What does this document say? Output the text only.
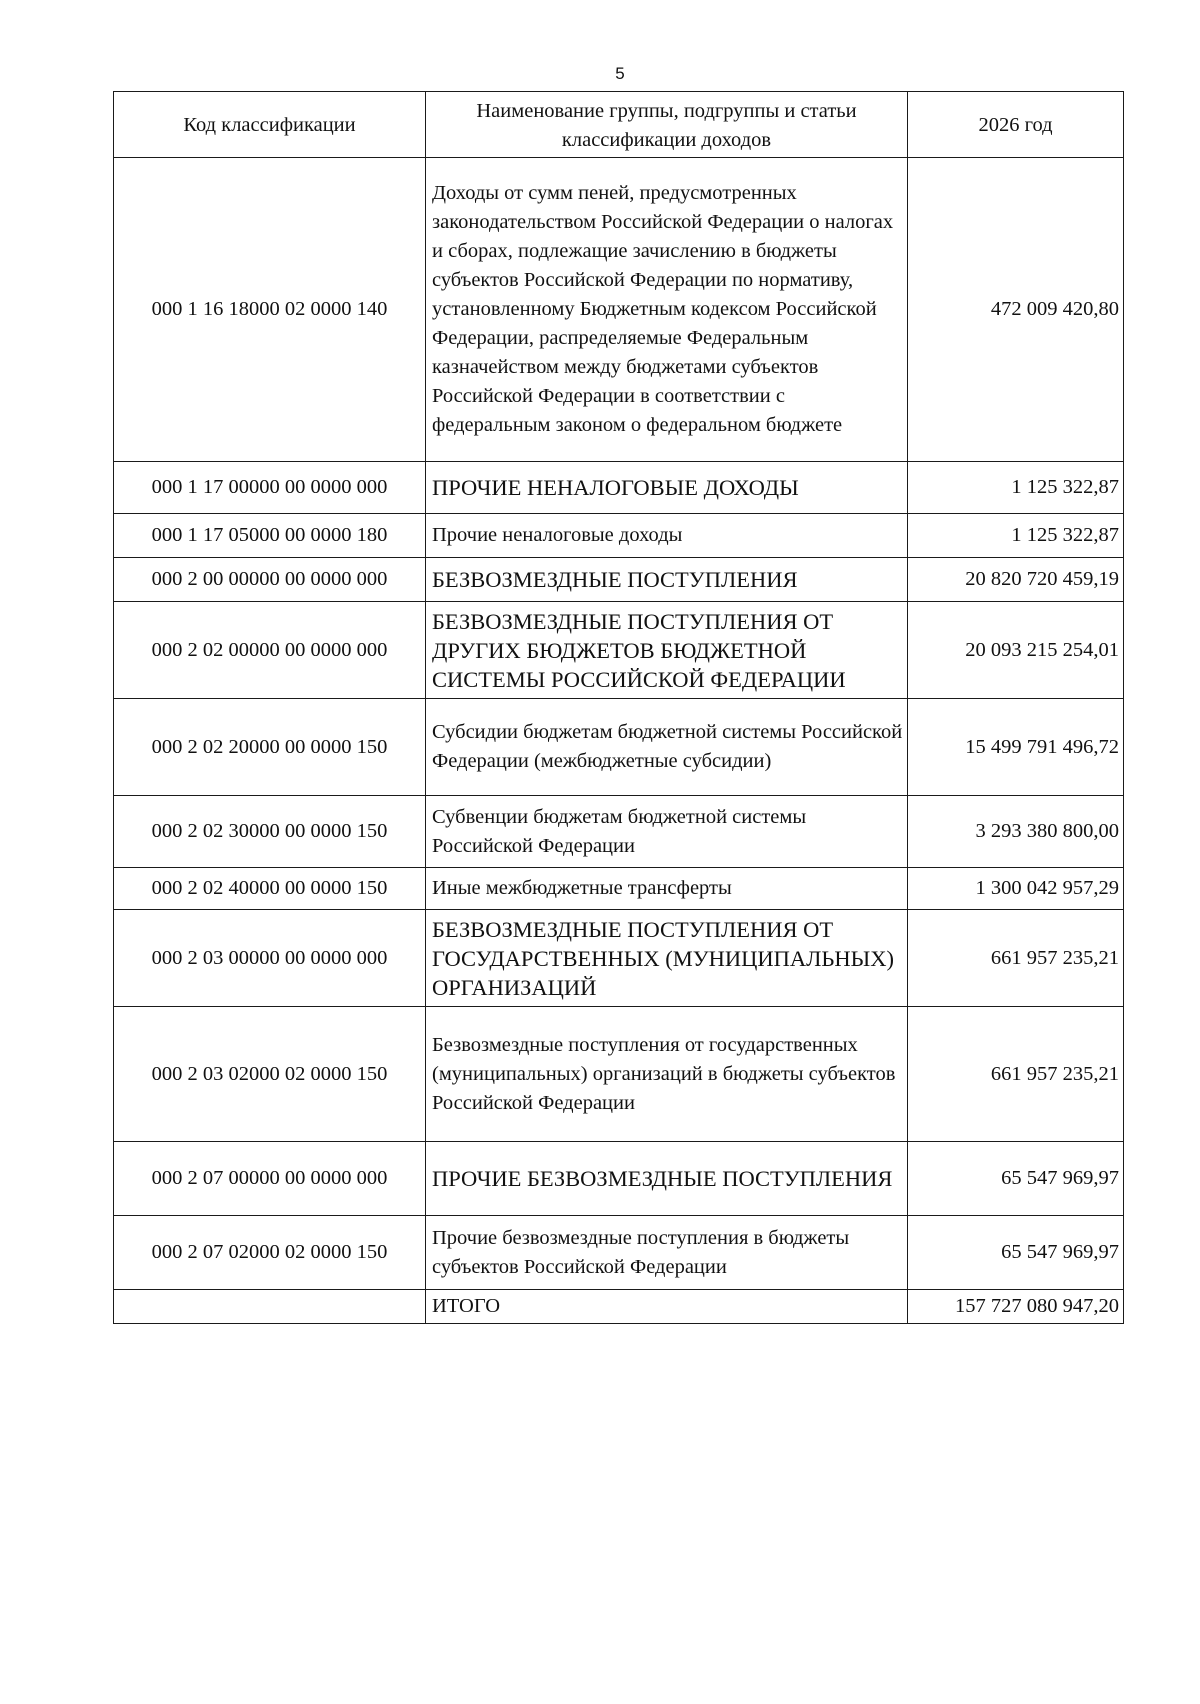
5
Код классификации	Наименование группы, подгруппы и статьи классификации доходов	2026 год
000 1 16 18000 02 0000 140	Доходы от сумм пеней, предусмотренных законодательством Российской Федерации о налогах и сборах, подлежащие зачислению в бюджеты субъектов Российской Федерации по нормативу, установленному Бюджетным кодексом Российской Федерации, распределяемые Федеральным казначейством между бюджетами субъектов Российской Федерации в соответствии с федеральным законом о федеральном бюджете	472 009 420,80
000 1 17 00000 00 0000 000	ПРОЧИЕ НЕНАЛОГОВЫЕ ДОХОДЫ	1 125 322,87
000 1 17 05000 00 0000 180	Прочие неналоговые доходы	1 125 322,87
000 2 00 00000 00 0000 000	БЕЗВОЗМЕЗДНЫЕ ПОСТУПЛЕНИЯ	20 820 720 459,19
000 2 02 00000 00 0000 000	БЕЗВОЗМЕЗДНЫЕ ПОСТУПЛЕНИЯ ОТ ДРУГИХ БЮДЖЕТОВ БЮДЖЕТНОЙ СИСТЕМЫ РОССИЙСКОЙ ФЕДЕРАЦИИ	20 093 215 254,01
000 2 02 20000 00 0000 150	Субсидии бюджетам бюджетной системы Российской Федерации (межбюджетные субсидии)	15 499 791 496,72
000 2 02 30000 00 0000 150	Субвенции бюджетам бюджетной системы Российской Федерации	3 293 380 800,00
000 2 02 40000 00 0000 150	Иные межбюджетные трансферты	1 300 042 957,29
000 2 03 00000 00 0000 000	БЕЗВОЗМЕЗДНЫЕ ПОСТУПЛЕНИЯ ОТ ГОСУДАРСТВЕННЫХ (МУНИЦИПАЛЬНЫХ) ОРГАНИЗАЦИЙ	661 957 235,21
000 2 03 02000 02 0000 150	Безвозмездные поступления от государственных (муниципальных) организаций в бюджеты субъектов Российской Федерации	661 957 235,21
000 2 07 00000 00 0000 000	ПРОЧИЕ БЕЗВОЗМЕЗДНЫЕ ПОСТУПЛЕНИЯ	65 547 969,97
000 2 07 02000 02 0000 150	Прочие безвозмездные поступления в бюджеты субъектов Российской Федерации	65 547 969,97
	ИТОГО	157 727 080 947,20
